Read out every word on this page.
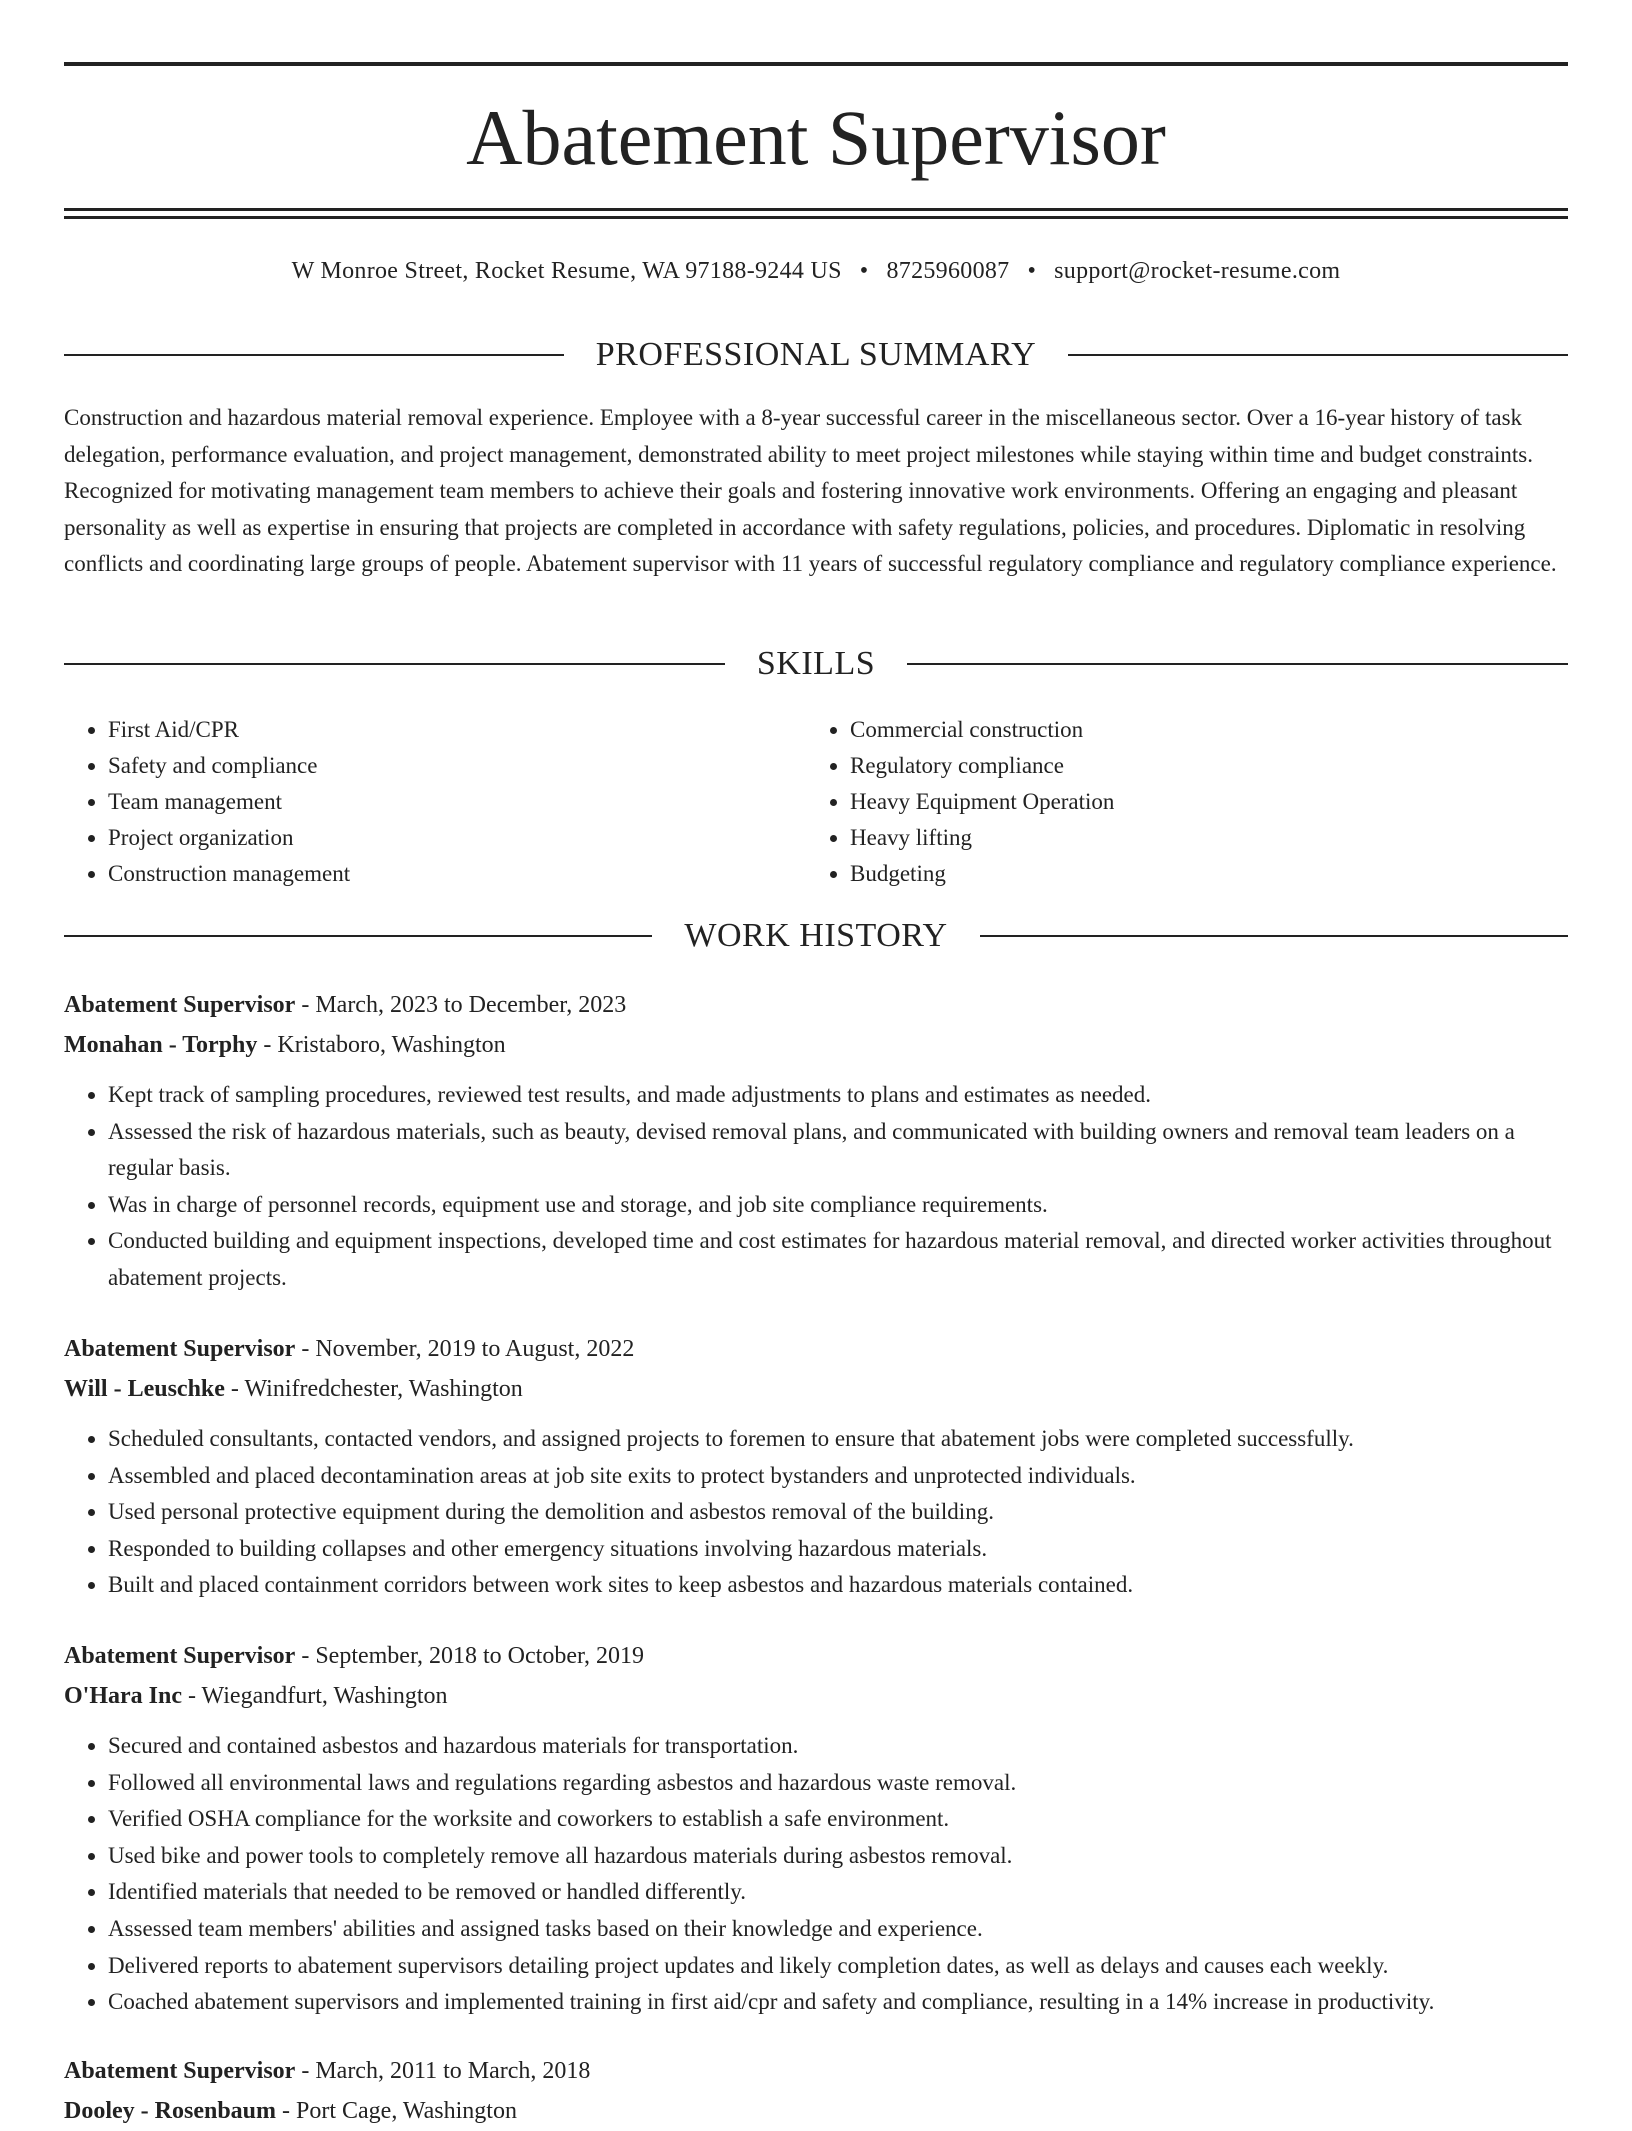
Abatement Supervisor
W Monroe Street, Rocket Resume, WA 97188-9244 US • 8725960087 • support@rocket-resume.com
PROFESSIONAL SUMMARY

Construction and hazardous material removal experience. Employee with a 8-year successful career in the miscellaneous sector. Over a 16-year history of task delegation, performance evaluation, and project management, demonstrated ability to meet project milestones while staying within time and budget constraints. Recognized for motivating management team members to achieve their goals and fostering innovative work environments. Offering an engaging and pleasant personality as well as expertise in ensuring that projects are completed in accordance with safety regulations, policies, and procedures. Diplomatic in resolving conflicts and coordinating large groups of people. Abatement supervisor with 11 years of successful regulatory compliance and regulatory compliance experience.

SKILLS
• First Aid/CPR
• Safety and compliance
• Team management
• Project organization
• Construction management
• Commercial construction
• Regulatory compliance
• Heavy Equipment Operation
• Heavy lifting
• Budgeting
WORK HISTORY

Abatement Supervisor - March, 2023 to December, 2023

Monahan - Torphy - Kristaboro, Washington

• Kept track of sampling procedures, reviewed test results, and made adjustments to plans and estimates as needed.
• Assessed the risk of hazardous materials, such as beauty, devised removal plans, and communicated with building owners and removal team leaders on a regular basis.
• Was in charge of personnel records, equipment use and storage, and job site compliance requirements.
• Conducted building and equipment inspections, developed time and cost estimates for hazardous material removal, and directed worker activities throughout abatement projects.

Abatement Supervisor - November, 2019 to August, 2022

Will - Leuschke - Winifredchester, Washington

• Scheduled consultants, contacted vendors, and assigned projects to foremen to ensure that abatement jobs were completed successfully.
• Assembled and placed decontamination areas at job site exits to protect bystanders and unprotected individuals.
• Used personal protective equipment during the demolition and asbestos removal of the building.
• Responded to building collapses and other emergency situations involving hazardous materials.
• Built and placed containment corridors between work sites to keep asbestos and hazardous materials contained.

Abatement Supervisor - September, 2018 to October, 2019

O'Hara Inc - Wiegandfurt, Washington

• Secured and contained asbestos and hazardous materials for transportation.
• Followed all environmental laws and regulations regarding asbestos and hazardous waste removal.
• Verified OSHA compliance for the worksite and coworkers to establish a safe environment.
• Used bike and power tools to completely remove all hazardous materials during asbestos removal.
• Identified materials that needed to be removed or handled differently.
• Assessed team members' abilities and assigned tasks based on their knowledge and experience.
• Delivered reports to abatement supervisors detailing project updates and likely completion dates, as well as delays and causes each weekly.
• Coached abatement supervisors and implemented training in first aid/cpr and safety and compliance, resulting in a 14% increase in productivity.

Abatement Supervisor - March, 2011 to March, 2018

Dooley - Rosenbaum - Port Cage, Washington
